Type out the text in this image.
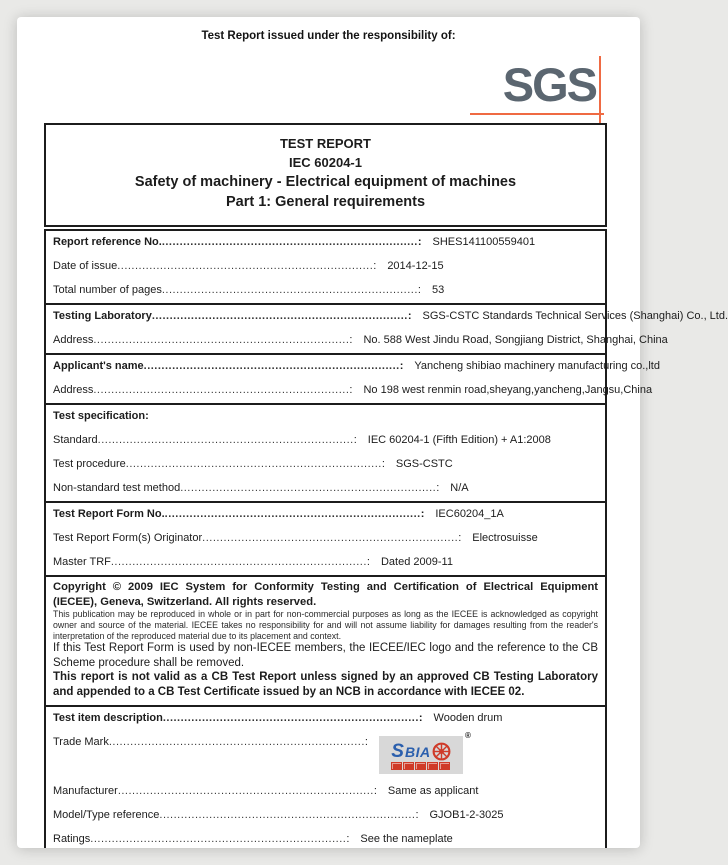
Test Report issued under the responsibility of:
SGS
TEST REPORT
IEC 60204-1
Safety of machinery - Electrical equipment of machines
Part 1: General requirements
Report reference No. ..... :	SHES141100559401
Date of issue ..... :	2014-12-15
Total number of pages ..... :	53
Testing Laboratory ..... :	SGS-CSTC Standards Technical Services (Shanghai) Co., Ltd.
Address ..... :	No. 588 West Jindu Road, Songjiang District, Shanghai, China
Applicant's name ..... :	Yancheng shibiao machinery manufacturing co.,ltd
Address ..... :	No 198 west renmin road,sheyang,yancheng,Jangsu,China
Test specification:
Standard ..... :	IEC 60204-1 (Fifth Edition) + A1:2008
Test procedure ..... :	SGS-CSTC
Non-standard test method ..... :	N/A
Test Report Form No. ..... :	IEC60204_1A
Test Report Form(s) Originator ..... :	Electrosuisse
Master TRF ..... :	Dated 2009-11

Copyright © 2009 IEC System for Conformity Testing and Certification of Electrical Equipment (IECEE), Geneva, Switzerland. All rights reserved.

This publication may be reproduced in whole or in part for non-commercial purposes as long as the IECEE is acknowledged as copyright owner and source of the material. IECEE takes no responsibility for and will not assume liability for damages resulting from the reader's interpretation of the reproduced material due to its placement and context.

If this Test Report Form is used by non-IECEE members, the IECEE/IEC logo and the reference to the CB Scheme procedure shall be removed.

This report is not valid as a CB Test Report unless signed by an approved CB Testing Laboratory and appended to a CB Test Certificate issued by an NCB in accordance with IECEE 02.

Test item description ..... :	Wooden drum
Trade Mark ..... :	S BIA
®
Manufacturer ..... :	Same as applicant
Model/Type reference ..... :	GJOB1-2-3025
Ratings ..... :	See the nameplate
